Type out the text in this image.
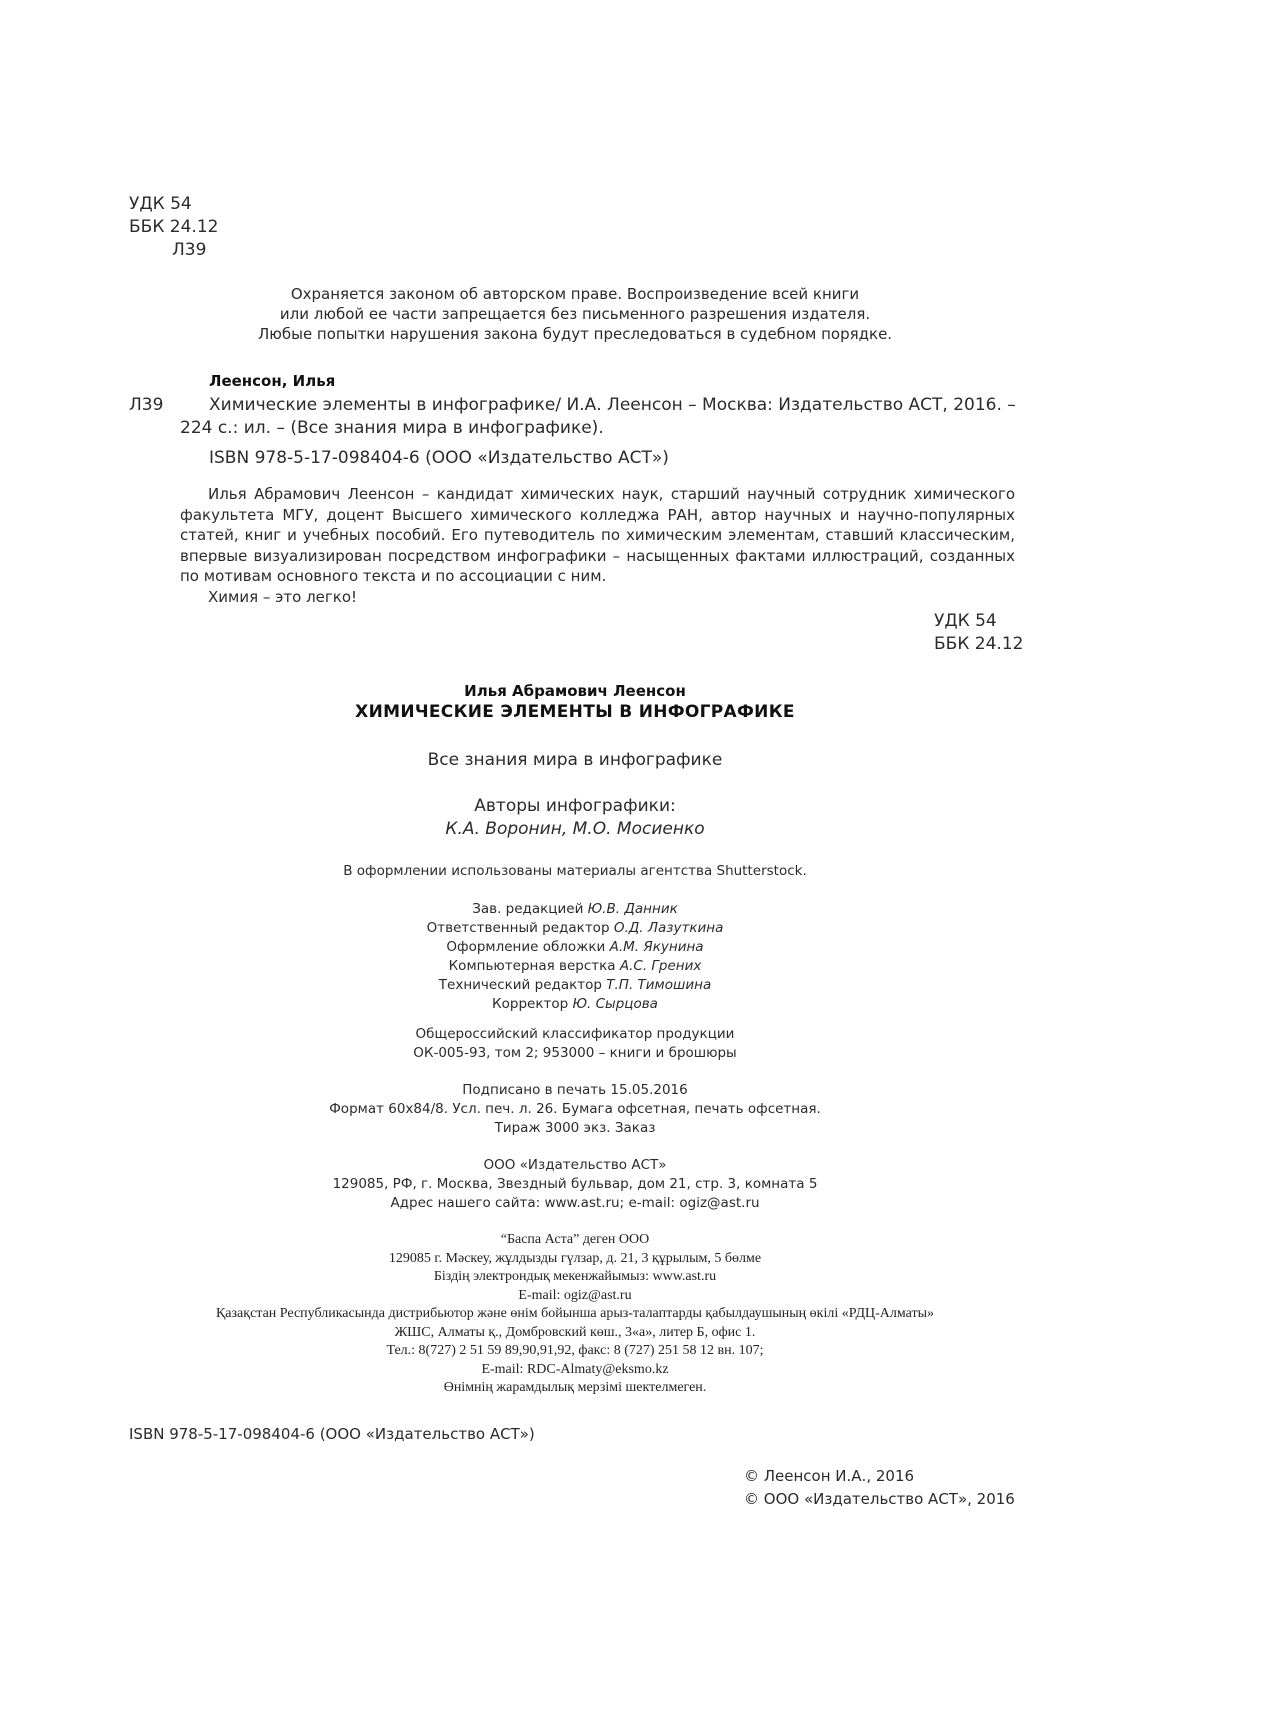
УДК 54
ББК 24.12
Л39
Охраняется законом об авторском праве. Воспроизведение всей книги
или любой ее части запрещается без письменного разрешения издателя.
Любые попытки нарушения закона будут преследоваться в судебном порядке.
Леенсон, Илья
Л39	Химические элементы в инфографике/ И.А. Леенсон – Москва: Издательство АСТ, 2016. –
224 с.: ил. – (Все знания мира в инфографике).
ISBN 978-5-17-098404-6 (ООО «Издательство АСТ»)

Илья Абрамович Леенсон – кандидат химических наук, старший научный сотрудник химического факультета МГУ, доцент Высшего химического колледжа РАН, автор научных и научно-популярных статей, книг и учебных пособий. Его путеводитель по химическим элементам, ставший классическим, впервые визуализирован посредством инфографики – насыщенных фактами иллюстраций, созданных по мотивам основного текста и по ассоциации с ним.

Химия – это легко!

УДК 54
ББК 24.12
Илья Абрамович Леенсон
ХИМИЧЕСКИЕ ЭЛЕМЕНТЫ В ИНФОГРАФИКЕ
Все знания мира в инфографике
Авторы инфографики:
К.А. Воронин, М.О. Мосиенко
В оформлении использованы материалы агентства Shutterstock.
Зав. редакцией Ю.В. Данник
Ответственный редактор О.Д. Лазуткина
Оформление обложки А.М. Якунина
Компьютерная верстка А.С. Грених
Технический редактор Т.П. Тимошина
Корректор Ю. Сырцова
Общероссийский классификатор продукции
ОК-005-93, том 2; 953000 – книги и брошюры
Подписано в печать 15.05.2016
Формат 60x84/8. Усл. печ. л. 26. Бумага офсетная, печать офсетная.
Тираж 3000 экз. Заказ
ООО «Издательство АСТ»
129085, РФ, г. Москва, Звездный бульвар, дом 21, стр. 3, комната 5
Адрес нашего сайта: www.ast.ru; e-mail: ogiz@ast.ru
“Баспа Аста” деген ООО
129085 г. Мәскеу, жұлдызды гүлзар, д. 21, 3 құрылым, 5 бөлме
Біздің электрондық мекенжайымыз: www.ast.ru
E-mail: ogiz@ast.ru
Қазақстан Республикасында дистрибьютор және өнім бойынша арыз-талаптарды қабылдаушының өкілі «РДЦ-Алматы»
ЖШС, Алматы қ., Домбровский көш., 3«а», литер Б, офис 1.
Тел.: 8(727) 2 51 59 89,90,91,92, факс: 8 (727) 251 58 12 вн. 107;
E-mail: RDC-Almaty@eksmo.kz
Өнімнің жарамдылық мерзімі шектелмеген.
ISBN 978-5-17-098404-6 (ООО «Издательство АСТ»)
© Леенсон И.А., 2016
© ООО «Издательство АСТ», 2016
